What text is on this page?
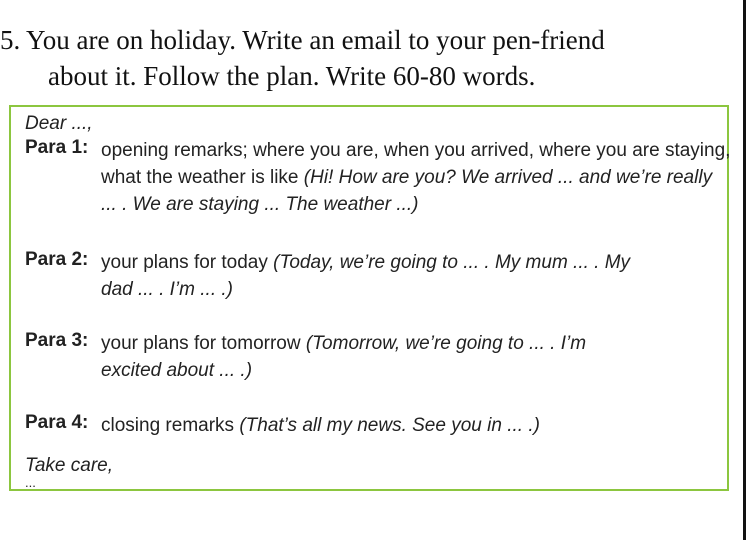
5. You are on holiday. Write an email to your pen-friend
about it. Follow the plan. Write 60-80 words.
Dear ...,
Para 1: opening remarks; where you are, when you arrived, where you are staying, what the weather is like (Hi! How are you? We arrived ... and we’re really ... . We are staying ... The weather ...)
Para 2: your plans for today (Today, we’re going to ... . My mum ... . My dad ... . I’m ... .)
Para 3: your plans for tomorrow (Tomorrow, we’re going to ... . I’m excited about ... .)
Para 4: closing remarks (That’s all my news. See you in ... .)
Take care,
...
